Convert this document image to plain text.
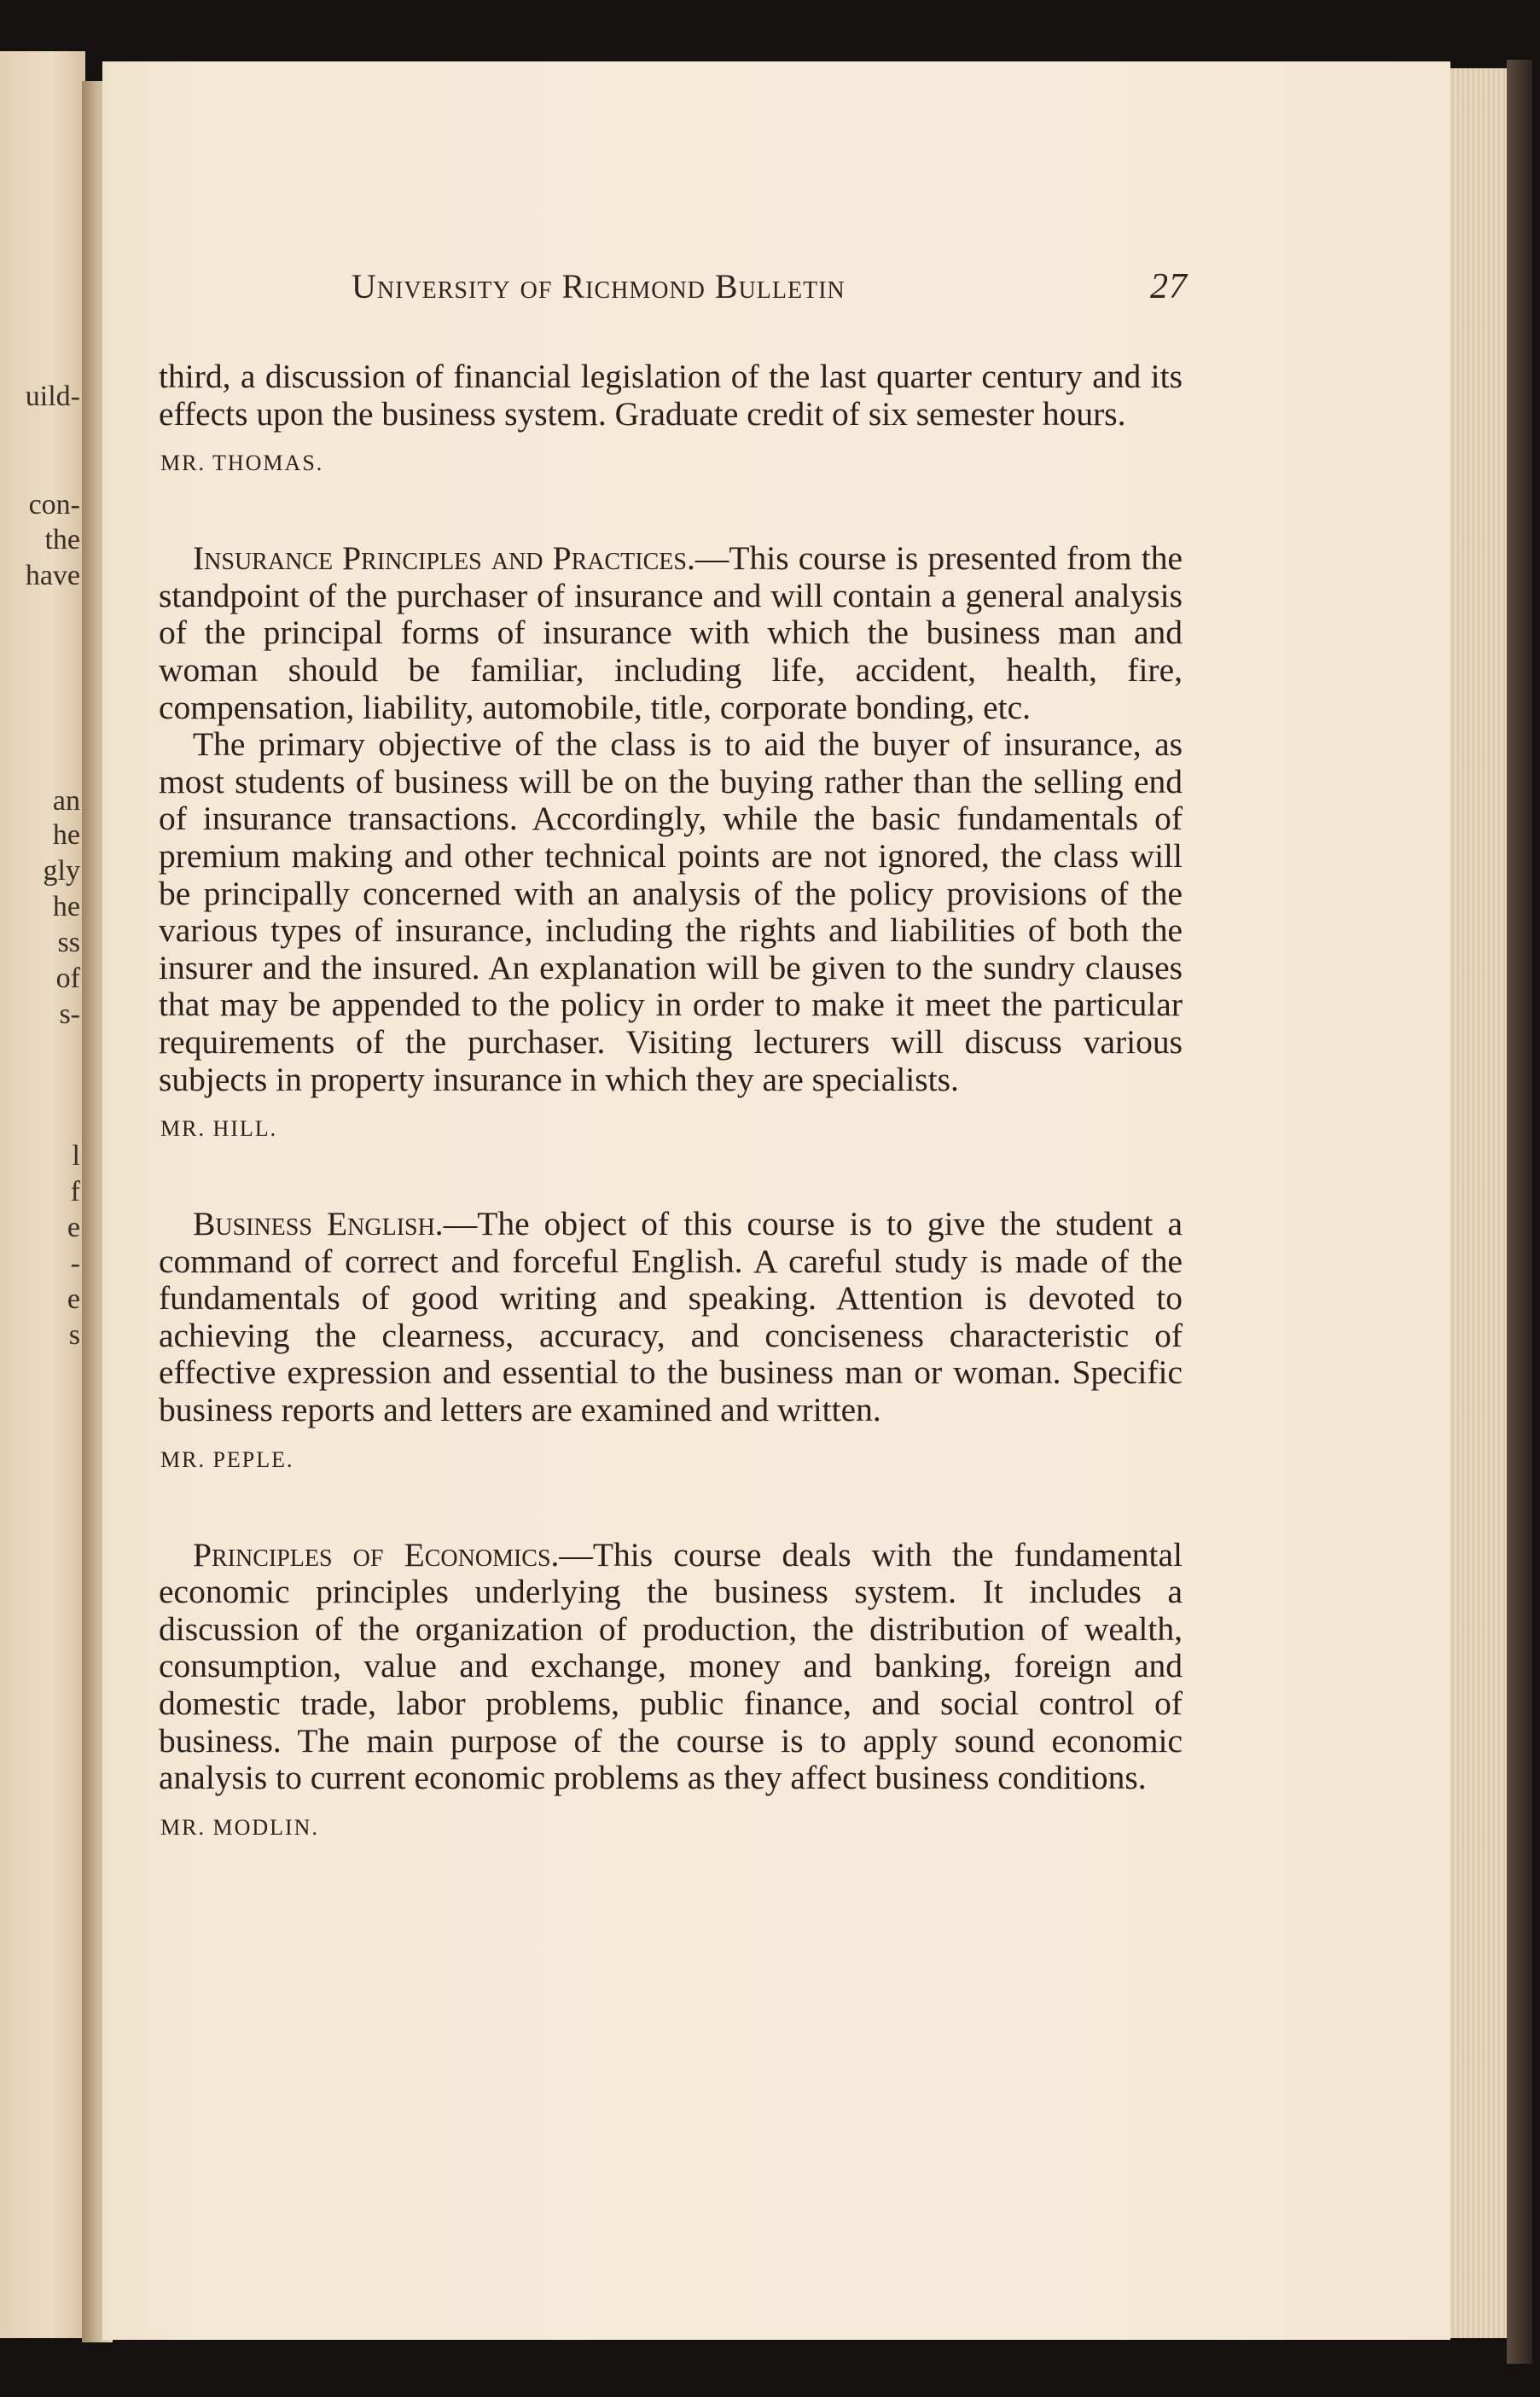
uild-
con-
the
have
an
he
gly
he
ss
of
s-
l
f
e
-
e
s
University of Richmond Bulletin	27

third, a discussion of financial legislation of the last quarter century and its effects upon the business system. Graduate credit of six semester hours.

MR. THOMAS.

Insurance Principles and Practices.—This course is presented from the standpoint of the purchaser of insurance and will contain a general analysis of the principal forms of insurance with which the business man and woman should be familiar, including life, accident, health, fire, compensation, liability, automobile, title, corporate bonding, etc.

The primary objective of the class is to aid the buyer of insurance, as most students of business will be on the buying rather than the selling end of insurance transactions. Accordingly, while the basic fundamentals of premium making and other technical points are not ignored, the class will be principally concerned with an analysis of the policy provisions of the various types of insurance, including the rights and liabilities of both the insurer and the insured. An explanation will be given to the sundry clauses that may be appended to the policy in order to make it meet the particular requirements of the purchaser. Visiting lecturers will discuss various subjects in property insurance in which they are specialists.

MR. HILL.

Business English.—The object of this course is to give the student a command of correct and forceful English. A careful study is made of the fundamentals of good writing and speaking. Attention is devoted to achieving the clearness, accuracy, and conciseness characteristic of effective expression and essential to the business man or woman. Specific business reports and letters are examined and written.

MR. PEPLE.

Principles of Economics.—This course deals with the fundamental economic principles underlying the business system. It includes a discussion of the organization of production, the distribution of wealth, consumption, value and exchange, money and banking, foreign and domestic trade, labor problems, public finance, and social control of business. The main purpose of the course is to apply sound economic analysis to current economic problems as they affect business conditions.

MR. MODLIN.
